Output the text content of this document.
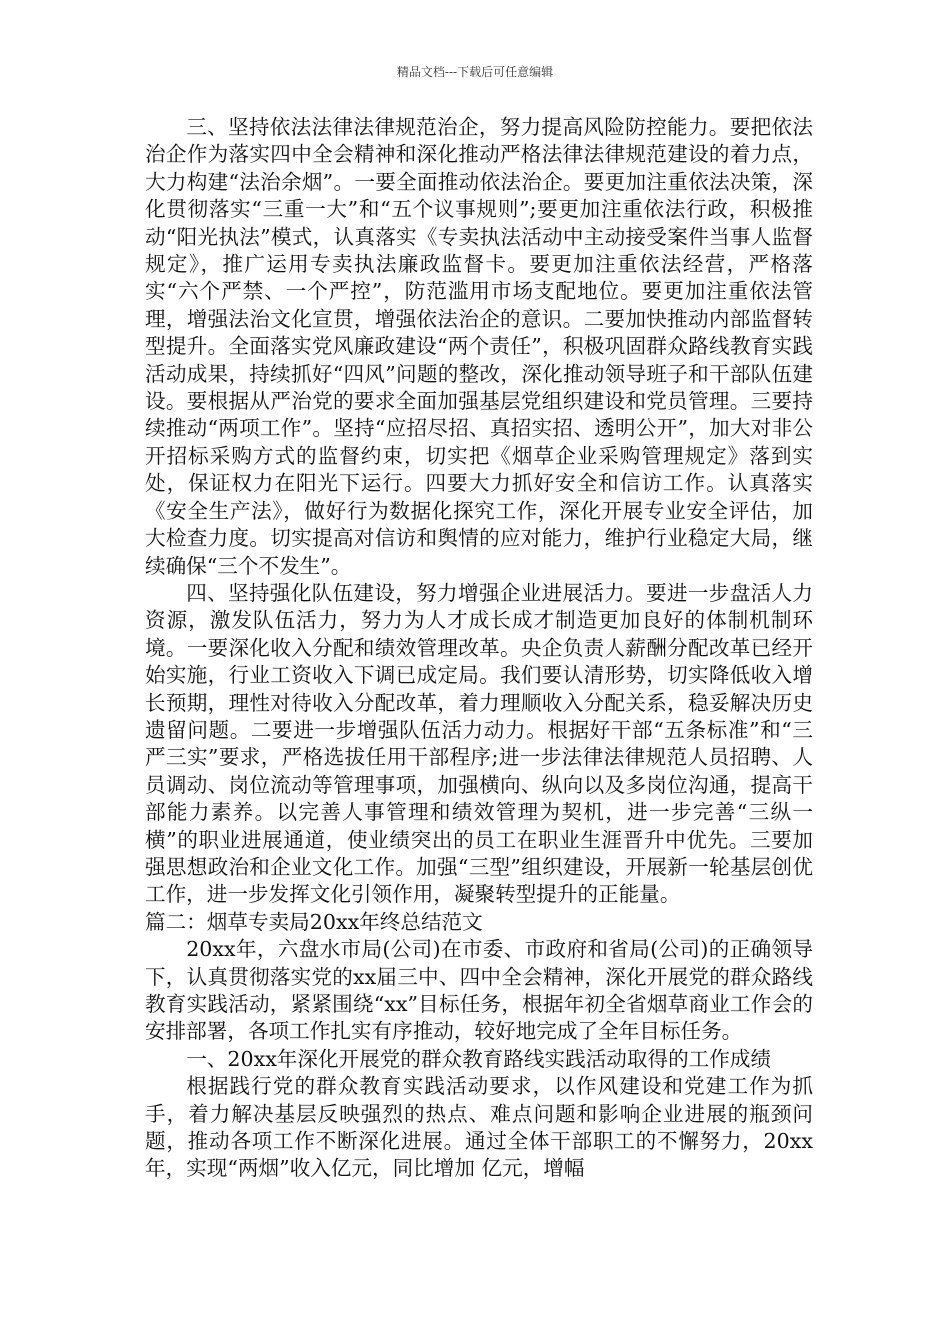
精品文档---下载后可任意编辑

三、坚持依法法律法律规范治企，努力提高风险防控能力。要把依法治企作为落实四中全会精神和深化推动严格法律法律规范建设的着力点，大力构建“法治余烟”。一要全面推动依法治企。要更加注重依法决策，深化贯彻落实“三重一大”和“五个议事规则”;要更加注重依法行政，积极推动“阳光执法”模式，认真落实《专卖执法活动中主动接受案件当事人监督规定》，推广运用专卖执法廉政监督卡。要更加注重依法经营，严格落实“六个严禁、一个严控”，防范滥用市场支配地位。要更加注重依法管理，增强法治文化宣贯，增强依法治企的意识。二要加快推动内部监督转型提升。全面落实党风廉政建设“两个责任”，积极巩固群众路线教育实践活动成果，持续抓好“四风”问题的整改，深化推动领导班子和干部队伍建设。要根据从严治党的要求全面加强基层党组织建设和党员管理。三要持续推动“两项工作”。坚持“应招尽招、真招实招、透明公开”，加大对非公开招标采购方式的监督约束，切实把《烟草企业采购管理规定》落到实处，保证权力在阳光下运行。四要大力抓好安全和信访工作。认真落实《安全生产法》，做好行为数据化探究工作，深化开展专业安全评估，加大检查力度。切实提高对信访和舆情的应对能力，维护行业稳定大局，继续确保“三个不发生”。

四、坚持强化队伍建设，努力增强企业进展活力。要进一步盘活人力资源，激发队伍活力，努力为人才成长成才制造更加良好的体制机制环境。一要深化收入分配和绩效管理改革。央企负责人薪酬分配改革已经开始实施，行业工资收入下调已成定局。我们要认清形势，切实降低收入增长预期，理性对待收入分配改革，着力理顺收入分配关系，稳妥解决历史遗留问题。二要进一步增强队伍活力动力。根据好干部“五条标准”和“三严三实”要求，严格选拔任用干部程序;进一步法律法律规范人员招聘、人员调动、岗位流动等管理事项，加强横向、纵向以及多岗位沟通，提高干部能力素养。以完善人事管理和绩效管理为契机，进一步完善“三纵一横”的职业进展通道，使业绩突出的员工在职业生涯晋升中优先。三要加强思想政治和企业文化工作。加强“三型”组织建设，开展新一轮基层创优工作，进一步发挥文化引领作用，凝聚转型提升的正能量。

篇二：烟草专卖局20xx年终总结范文

20xx年，六盘水市局(公司)在市委、市政府和省局(公司)的正确领导下，认真贯彻落实党的xx届三中、四中全会精神，深化开展党的群众路线教育实践活动，紧紧围绕“xx”目标任务，根据年初全省烟草商业工作会的安排部署，各项工作扎实有序推动，较好地完成了全年目标任务。

一、20xx年深化开展党的群众教育路线实践活动取得的工作成绩

根据践行党的群众教育实践活动要求，以作风建设和党建工作为抓手，着力解决基层反映强烈的热点、难点问题和影响企业进展的瓶颈问题，推动各项工作不断深化进展。通过全体干部职工的不懈努力，20xx年，实现“两烟”收入亿元，同比增加 亿元，增幅
